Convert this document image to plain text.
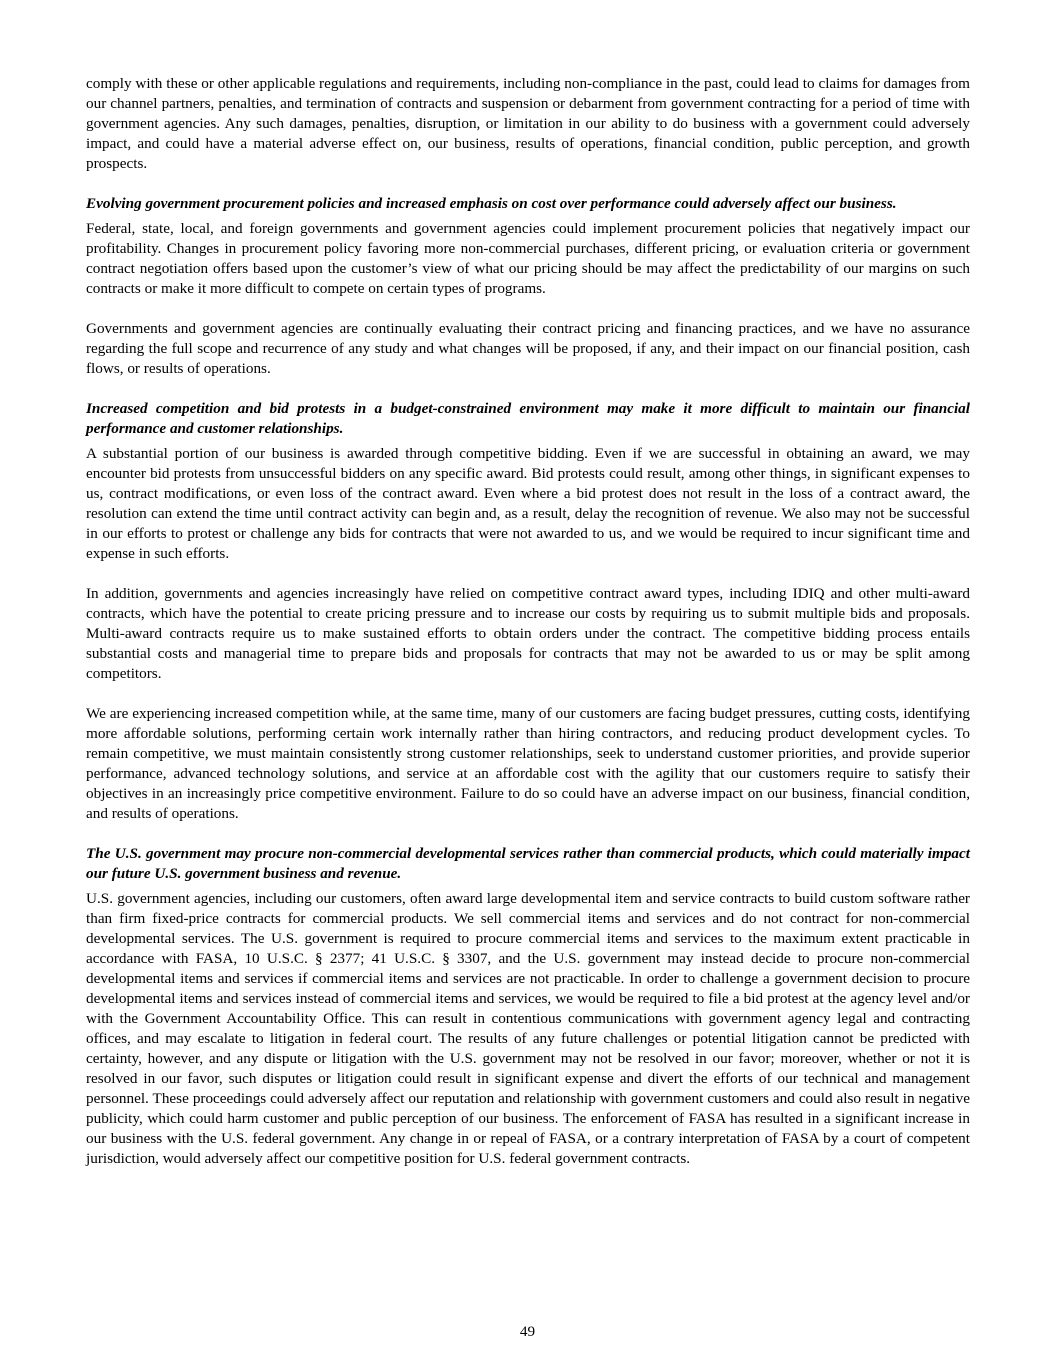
comply with these or other applicable regulations and requirements, including non-compliance in the past, could lead to claims for damages from our channel partners, penalties, and termination of contracts and suspension or debarment from government contracting for a period of time with government agencies. Any such damages, penalties, disruption, or limitation in our ability to do business with a government could adversely impact, and could have a material adverse effect on, our business, results of operations, financial condition, public perception, and growth prospects.

Evolving government procurement policies and increased emphasis on cost over performance could adversely affect our business.

Federal, state, local, and foreign governments and government agencies could implement procurement policies that negatively impact our profitability. Changes in procurement policy favoring more non-commercial purchases, different pricing, or evaluation criteria or government contract negotiation offers based upon the customer’s view of what our pricing should be may affect the predictability of our margins on such contracts or make it more difficult to compete on certain types of programs.

Governments and government agencies are continually evaluating their contract pricing and financing practices, and we have no assurance regarding the full scope and recurrence of any study and what changes will be proposed, if any, and their impact on our financial position, cash flows, or results of operations.

Increased competition and bid protests in a budget-constrained environment may make it more difficult to maintain our financial performance and customer relationships.

A substantial portion of our business is awarded through competitive bidding. Even if we are successful in obtaining an award, we may encounter bid protests from unsuccessful bidders on any specific award. Bid protests could result, among other things, in significant expenses to us, contract modifications, or even loss of the contract award. Even where a bid protest does not result in the loss of a contract award, the resolution can extend the time until contract activity can begin and, as a result, delay the recognition of revenue. We also may not be successful in our efforts to protest or challenge any bids for contracts that were not awarded to us, and we would be required to incur significant time and expense in such efforts.

In addition, governments and agencies increasingly have relied on competitive contract award types, including IDIQ and other multi-award contracts, which have the potential to create pricing pressure and to increase our costs by requiring us to submit multiple bids and proposals. Multi-award contracts require us to make sustained efforts to obtain orders under the contract. The competitive bidding process entails substantial costs and managerial time to prepare bids and proposals for contracts that may not be awarded to us or may be split among competitors.

We are experiencing increased competition while, at the same time, many of our customers are facing budget pressures, cutting costs, identifying more affordable solutions, performing certain work internally rather than hiring contractors, and reducing product development cycles. To remain competitive, we must maintain consistently strong customer relationships, seek to understand customer priorities, and provide superior performance, advanced technology solutions, and service at an affordable cost with the agility that our customers require to satisfy their objectives in an increasingly price competitive environment. Failure to do so could have an adverse impact on our business, financial condition, and results of operations.

The U.S. government may procure non-commercial developmental services rather than commercial products, which could materially impact our future U.S. government business and revenue.

U.S. government agencies, including our customers, often award large developmental item and service contracts to build custom software rather than firm fixed-price contracts for commercial products. We sell commercial items and services and do not contract for non-commercial developmental services. The U.S. government is required to procure commercial items and services to the maximum extent practicable in accordance with FASA, 10 U.S.C. § 2377; 41 U.S.C. § 3307, and the U.S. government may instead decide to procure non-commercial developmental items and services if commercial items and services are not practicable. In order to challenge a government decision to procure developmental items and services instead of commercial items and services, we would be required to file a bid protest at the agency level and/or with the Government Accountability Office. This can result in contentious communications with government agency legal and contracting offices, and may escalate to litigation in federal court. The results of any future challenges or potential litigation cannot be predicted with certainty, however, and any dispute or litigation with the U.S. government may not be resolved in our favor; moreover, whether or not it is resolved in our favor, such disputes or litigation could result in significant expense and divert the efforts of our technical and management personnel. These proceedings could adversely affect our reputation and relationship with government customers and could also result in negative publicity, which could harm customer and public perception of our business. The enforcement of FASA has resulted in a significant increase in our business with the U.S. federal government. Any change in or repeal of FASA, or a contrary interpretation of FASA by a court of competent jurisdiction, would adversely affect our competitive position for U.S. federal government contracts.

49
